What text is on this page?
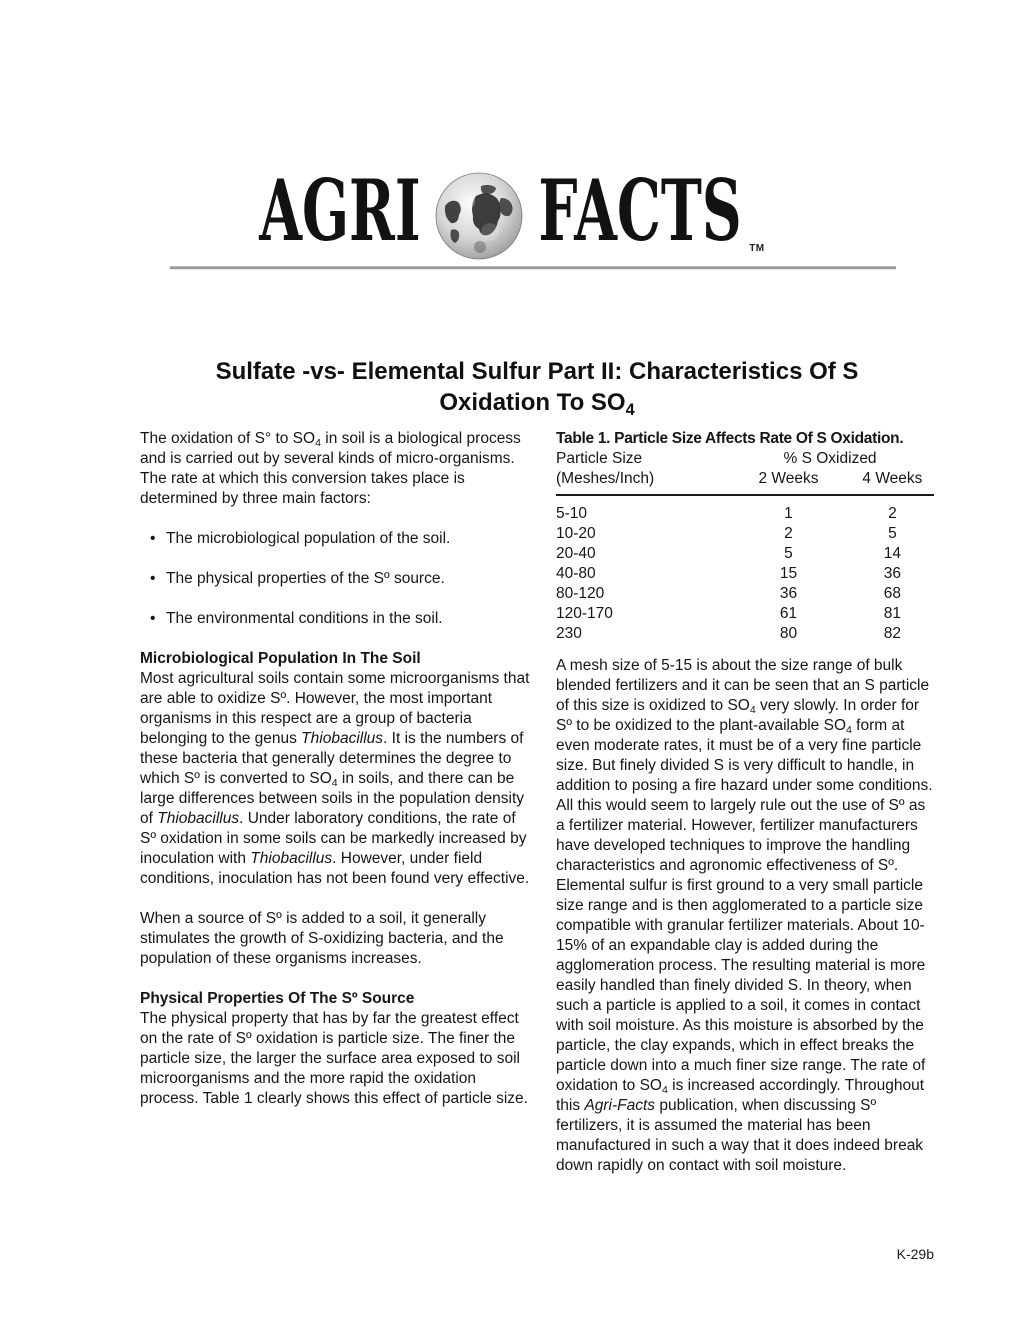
AGRI FACTS TM
Sulfate -vs- Elemental Sulfur Part II: Characteristics Of S
Oxidation To $SO_4$

The oxidation of S° to SO4 in soil is a biological process and is carried out by several kinds of micro-organisms. The rate at which this conversion takes place is determined by three main factors:

• The microbiological population of the soil.
• The physical properties of the Sº source.
• The environmental conditions in the soil.
Microbiological Population In The Soil

Most agricultural soils contain some microorganisms that are able to oxidize Sº. However, the most important organisms in this respect are a group of bacteria belonging to the genus Thiobacillus. It is the numbers of these bacteria that generally determines the degree to which Sº is converted to SO4 in soils, and there can be large differences between soils in the population density of Thiobacillus. Under laboratory conditions, the rate of Sº oxidation in some soils can be markedly increased by inoculation with Thiobacillus. However, under field conditions, inoculation has not been found very effective.

When a source of Sº is added to a soil, it generally stimulates the growth of S-oxidizing bacteria, and the population of these organisms increases.

Physical Properties Of The Sº Source

The physical property that has by far the greatest effect on the rate of Sº oxidation is particle size. The finer the particle size, the larger the surface area exposed to soil microorganisms and the more rapid the oxidation process. Table 1 clearly shows this effect of particle size.

Table 1. Particle Size Affects Rate Of S Oxidation.

Particle Size	% S Oxidized	
(Meshes/Inch)	2 Weeks	4 Weeks
5-10	1	2
10-20	2	5
20-40	5	14
40-80	15	36
80-120	36	68
120-170	61	81
230	80	82

A mesh size of 5-15 is about the size range of bulk blended fertilizers and it can be seen that an S particle of this size is oxidized to SO4 very slowly. In order for Sº to be oxidized to the plant-available SO4 form at even moderate rates, it must be of a very fine particle size. But finely divided S is very difficult to handle, in addition to posing a fire hazard under some conditions. All this would seem to largely rule out the use of Sº as a fertilizer material. However, fertilizer manufacturers have developed techniques to improve the handling characteristics and agronomic effectiveness of Sº. Elemental sulfur is first ground to a very small particle size range and is then agglomerated to a particle size compatible with granular fertilizer materials. About 10-15% of an expandable clay is added during the agglomeration process. The resulting material is more easily handled than finely divided S. In theory, when such a particle is applied to a soil, it comes in contact with soil moisture. As this moisture is absorbed by the particle, the clay expands, which in effect breaks the particle down into a much finer size range. The rate of oxidation to SO4 is increased accordingly. Throughout this Agri-Facts publication, when discussing Sº fertilizers, it is assumed the material has been manufactured in such a way that it does indeed break down rapidly on contact with soil moisture.

K-29b
